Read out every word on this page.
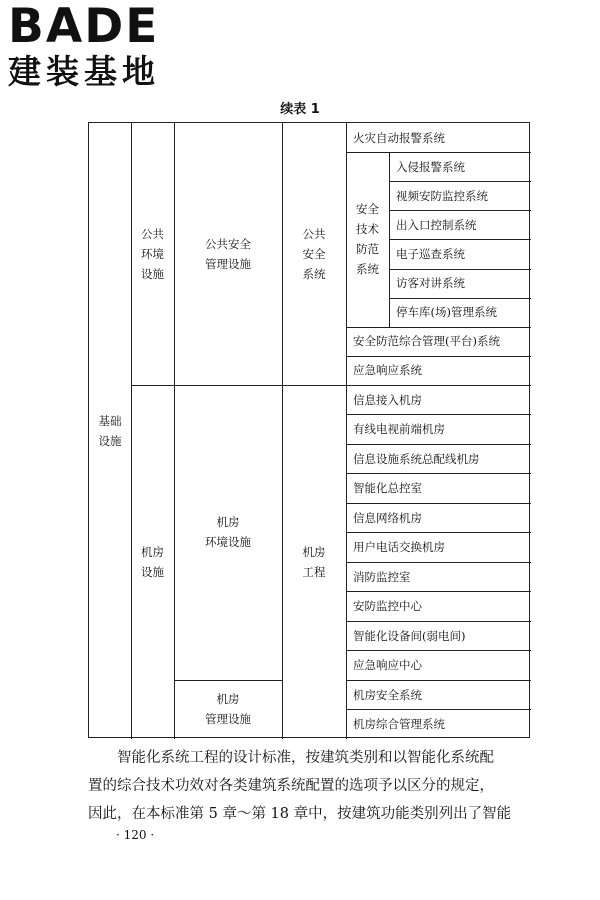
BADE
建装基地
续表 1
基础
设施
公共
环境
设施
公共安全
管理设施
公共
安全
系统
火灾自动报警系统
安全
技术
防范
系统
入侵报警系统
视频安防监控系统
出入口控制系统
电子巡查系统
访客对讲系统
停车库(场)管理系统
安全防范综合管理(平台)系统
应急响应系统
机房
设施
机房
环境设施
机房
工程
信息接入机房
有线电视前端机房
信息设施系统总配线机房
智能化总控室
信息网络机房
用户电话交换机房
消防监控室
安防监控中心
智能化设备间(弱电间)
应急响应中心
机房
管理设施
机房安全系统
机房综合管理系统
智能化系统工程的设计标准，按建筑类别和以智能化系统配
置的综合技术功效对各类建筑系统配置的选项予以区分的规定，
因此，在本标准第 5 章～第 18 章中，按建筑功能类别列出了智能
· 120 ·
